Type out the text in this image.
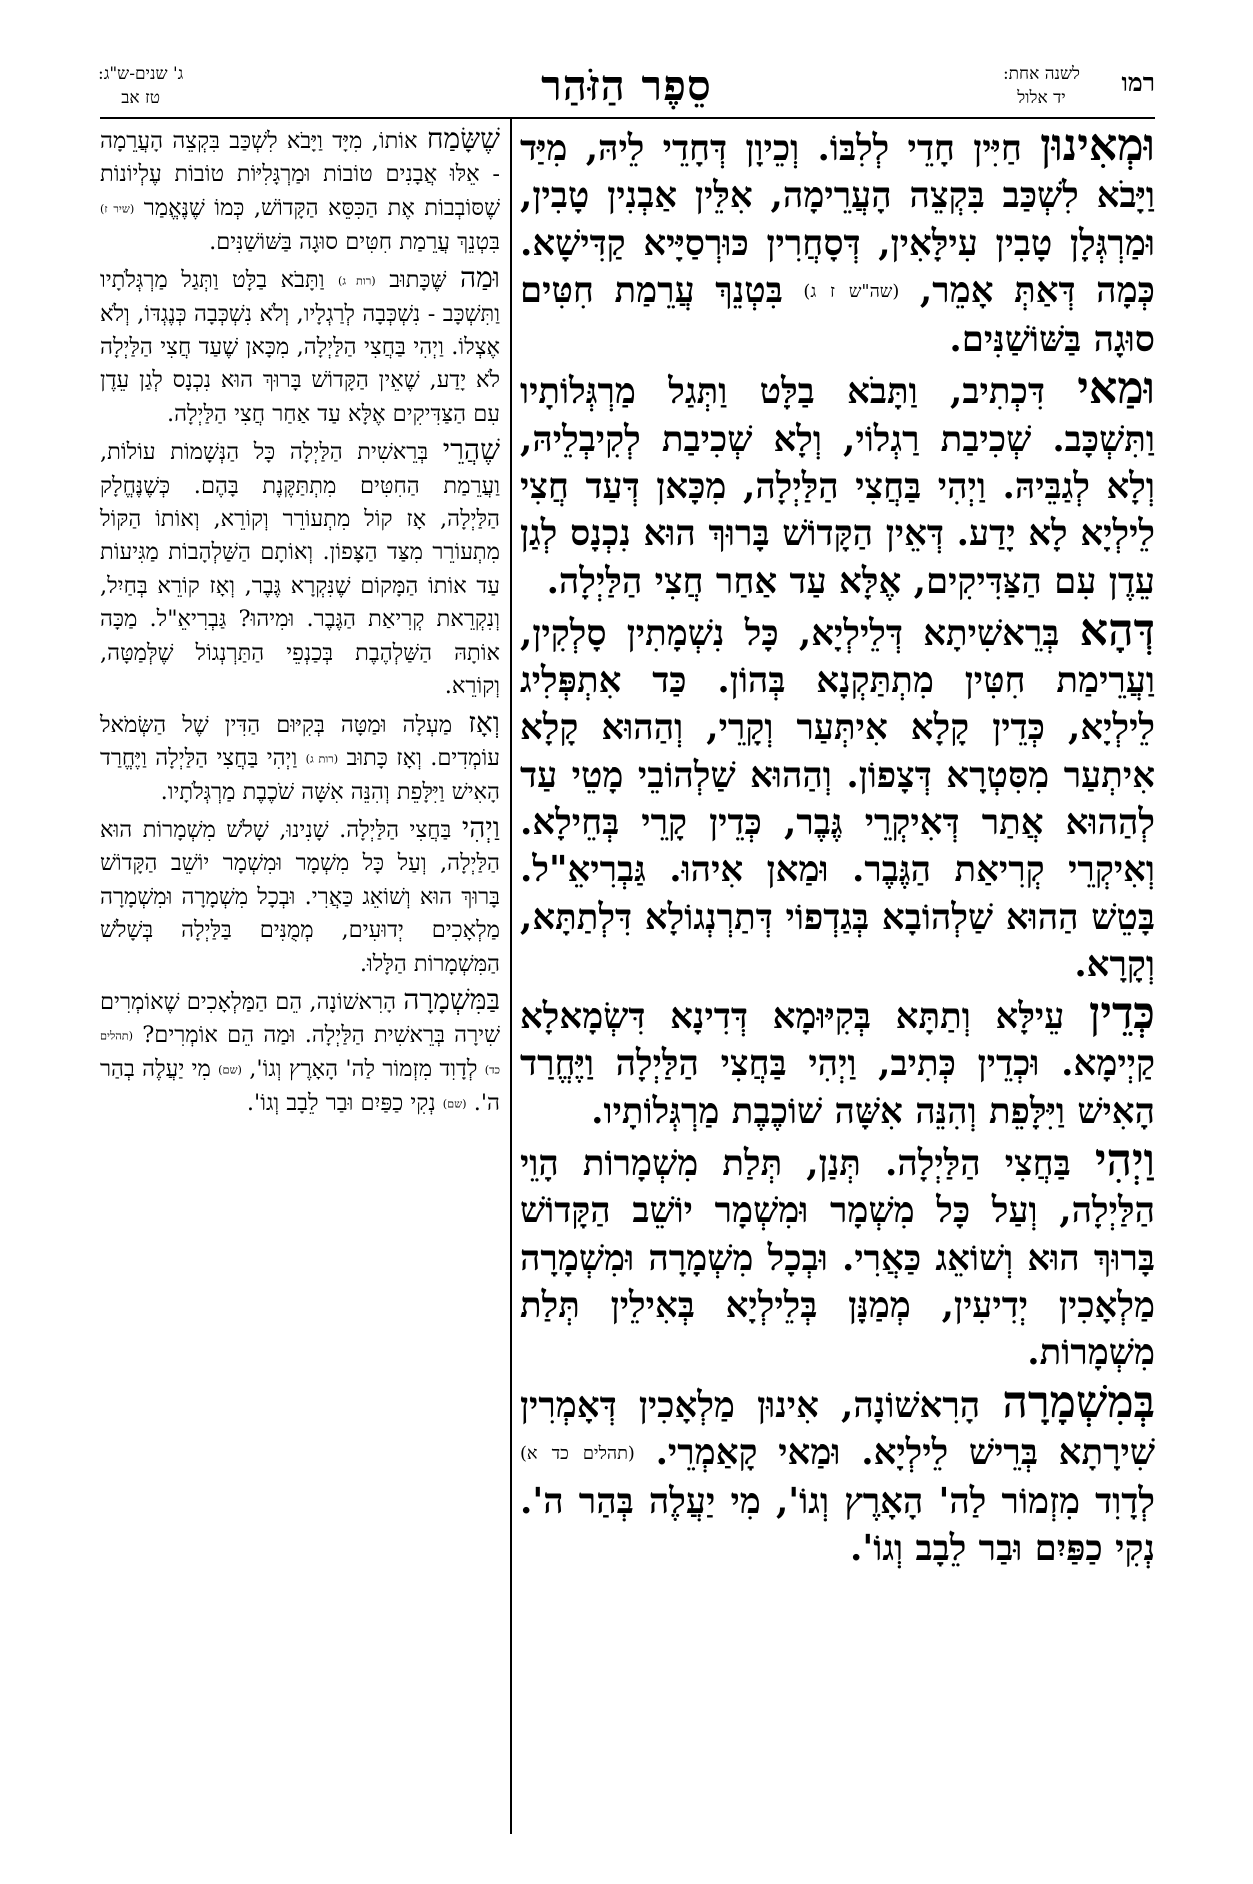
רמו
לשנה אחת:
יד אלול
סֵפֶר הַזֹּהַר
ג' שנים-ש"ג:
טז אב

וּמְאִינוּן חַיִּין חָדֵי לְלִבּוֹ. וְכֵיוָן דְּחָדֵי לֵיהּ, מִיַּד וַיָּבֹא לִשְׁכַּב בִּקְצֵה הָעֲרֵימָה, אִלֵּין אַבְנִין טָבִין, וּמַרְגְּלָן טָבִין עִילָּאִין, דְּסָחֲרִין כּוּרְסַיָּיא קַדִּישָׁא. כְּמָה דְּאַתְּ אָמֵר, (שה"ש ז ג) בִּטְנֵךְ עֲרֵמַת חִטִּים סוּגָה בַּשּׁוֹשַׁנִּים.

וּמַאי דִּכְתִיב, וַתָּבֹא בַלָּט וַתְּגַל מַרְגְּלוֹתָיו וַתִּשְׁכָּב. שְׁכִיבַת רַגְלוֹי, וְלָא שְׁכִיבַת לְקִיבְלֵיהּ, וְלָא לְגַבֵּיהּ. וַיְהִי בַּחֲצִי הַלַּיְלָה, מִכָּאן דְּעַד חֲצִי לֵילְיָא לָא יָדַע. דְּאֵין הַקָּדוֹשׁ בָּרוּךְ הוּא נִכְנָס לְגַן עֵדֶן עִם הַצַּדִּיקִים, אֶלָּא עַד אַחַר חֲצִי הַלַּיְלָה.

דְּהָא בְּרֵאשִׁיתָא דְּלֵילְיָא, כָּל נִשְׁמָתִין סָלְקִין, וַעֲרֵימַת חִטִּין מִתְתַּקְנָא בְּהוֹן. כַּד אִתְפְּלִיג לֵילְיָא, כְּדֵין קָלָא אִיתְּעַר וְקָרֵי, וְהַהוּא קָלָא אִיתְעַר מִסִּטְרָא דְּצָפוֹן. וְהַהוּא שַׁלְהוֹבֵי מָטֵי עַד לְהַהוּא אֲתַר דְּאִיקְרֵי גֶּבֶר, כְּדֵין קָרֵי בְּחֵילָא. וְאִיקְרֵי קְרִיאַת הַגֶּבֶר. וּמַאן אִיהוּ. גַּבְרִיאֵ"ל. בָּטֵשׁ הַהוּא שַׁלְהוֹבָא בְּגַדְפוֹי דְּתַרְנְגוֹלָא דִּלְתַתָּא, וְקָרָא.

כְּדֵין עֵילָּא וְתַתָּא בְּקִיּוּמָא דְּדִינָא דִּשְׂמָאלָא קַיְימָא. וּכְדֵין כְּתִיב, וַיְהִי בַּחֲצִי הַלַּיְלָה וַיֶּחֱרַד הָאִישׁ וַיִּלָּפֵת וְהִנֵּה אִשָּׁה שׁוֹכֶבֶת מַרְגְּלוֹתָיו.

וַיְהִי בַּחֲצִי הַלַּיְלָה. תְּנַן, תְּלַת מִשְׁמָרוֹת הָוֵי הַלַּיְלָה, וְעַל כָּל מִשְׁמָר וּמִשְׁמָר יוֹשֵׁב הַקָּדוֹשׁ בָּרוּךְ הוּא וְשׁוֹאֵג כַּאֲרִי. וּבְכָל מִשְׁמָרָה וּמִשְׁמָרָה מַלְאָכִין יְדִיעִין, מְמַנָּן בְּלֵילְיָא בְּאִילֵין תְּלַת מִשְׁמָרוֹת.

בְּמִשְׁמָרָה הָרִאשׁוֹנָה, אִינוּן מַלְאָכִין דְּאָמְרִין שִׁירָתָא בְּרֵישׁ לֵילְיָא. וּמַאי קָאַמְרֵי. (תהלים כד א) לְדָוִד מִזְמוֹר לַה' הָאָרֶץ וְגוֹ', מִי יַעֲלֶה בְּהַר ה'. נְקִי כַפַּיִם וּבַר לֵבָב וְגוֹ'.

שֶׁשָּׂמַח אוֹתוֹ, מִיָּד וַיָּבֹא לִשְׁכַּב בִּקְצֵה הָעֲרֵמָה - אֵלּוּ אֲבָנִים טוֹבוֹת וּמַרְגָּלִיּוֹת טוֹבוֹת עֶלְיוֹנוֹת שֶׁסּוֹבְבוֹת אֶת הַכִּסֵּא הַקָּדוֹשׁ, כְּמוֹ שֶׁנֶּאֱמַר (שיר ז) בִּטְנֵךְ עֲרֵמַת חִטִּים סוּגָה בַּשּׁוֹשַׁנִּים.

וּמַה שֶּׁכָּתוּב (רות ג) וַתָּבֹא בַלָּט וַתְּגַל מַרְגְּלֹתָיו וַתִּשְׁכָּב - נִשְׁכְּבָה לְרַגְלָיו, וְלֹא נִשְׁכְּבָה כְּנֶגְדּוֹ, וְלֹא אֶצְלוֹ. וַיְהִי בַּחֲצִי הַלַּיְלָה, מִכָּאן שֶׁעַד חֲצִי הַלַּיְלָה לֹא יָדַע, שֶׁאֵין הַקָּדוֹשׁ בָּרוּךְ הוּא נִכְנָס לְגַן עֵדֶן עִם הַצַּדִּיקִים אֶלָּא עַד אַחַר חֲצִי הַלַּיְלָה.

שֶׁהֲרֵי בְּרֵאשִׁית הַלַּיְלָה כָּל הַנְּשָׁמוֹת עוֹלוֹת, וַעֲרֵמַת הַחִטִּים מִתְתַּקֶּנֶת בָּהֶם. כְּשֶׁנֶּחֱלָק הַלַּיְלָה, אָז קוֹל מִתְעוֹרֵר וְקוֹרֵא, וְאוֹתוֹ הַקּוֹל מִתְעוֹרֵר מִצַּד הַצָּפוֹן. וְאוֹתָם הַשַּׁלְהָבוֹת מַגִּיעוֹת עַד אוֹתוֹ הַמָּקוֹם שֶׁנִּקְרָא גֶּבֶר, וְאָז קוֹרֵא בְּחַיִל, וְנִקְרֵאת קְרִיאַת הַגֶּבֶר. וּמִיהוּ? גַּבְרִיאֵ"ל. מַכָּה אוֹתָהּ הַשַּׁלְהֶבֶת בְּכַנְפֵי הַתַּרְנְגוֹל שֶׁלְּמַטָּה, וְקוֹרֵא.

וְאָז מַעְלָה וּמַטָּה בְּקִיּוּם הַדִּין שֶׁל הַשְּׂמֹאל עוֹמְדִים. וְאָז כָּתוּב (רות ג) וַיְהִי בַּחֲצִי הַלַּיְלָה וַיֶּחֱרַד הָאִישׁ וַיִּלָּפֵת וְהִנֵּה אִשָּׁה שֹׁכֶבֶת מַרְגְּלֹתָיו.

וַיְהִי בַּחֲצִי הַלַּיְלָה. שָׁנִינוּ, שָׁלֹשׁ מִשְׁמָרוֹת הוּא הַלַּיְלָה, וְעַל כָּל מִשְׁמָר וּמִשְׁמָר יוֹשֵׁב הַקָּדוֹשׁ בָּרוּךְ הוּא וְשׁוֹאֵג כַּאֲרִי. וּבְכָל מִשְׁמָרָה וּמִשְׁמָרָה מַלְאָכִים יְדוּעִים, מְמֻנִּים בַּלַּיְלָה בְּשָׁלֹשׁ הַמִּשְׁמָרוֹת הַלָּלוּ.

בַּמִּשְׁמָרָה הָרִאשׁוֹנָה, הֵם הַמַּלְאָכִים שֶׁאוֹמְרִים שִׁירָה בְּרֵאשִׁית הַלַּיְלָה. וּמַה הֵם אוֹמְרִים? (תהלים כד) לְדָוִד מִזְמוֹר לַה' הָאָרֶץ וְגוֹ', (שם) מִי יַעֲלֶה בְהַר ה'. (שם) נְקִי כַפַּיִם וּבַר לֵבָב וְגוֹ'.
